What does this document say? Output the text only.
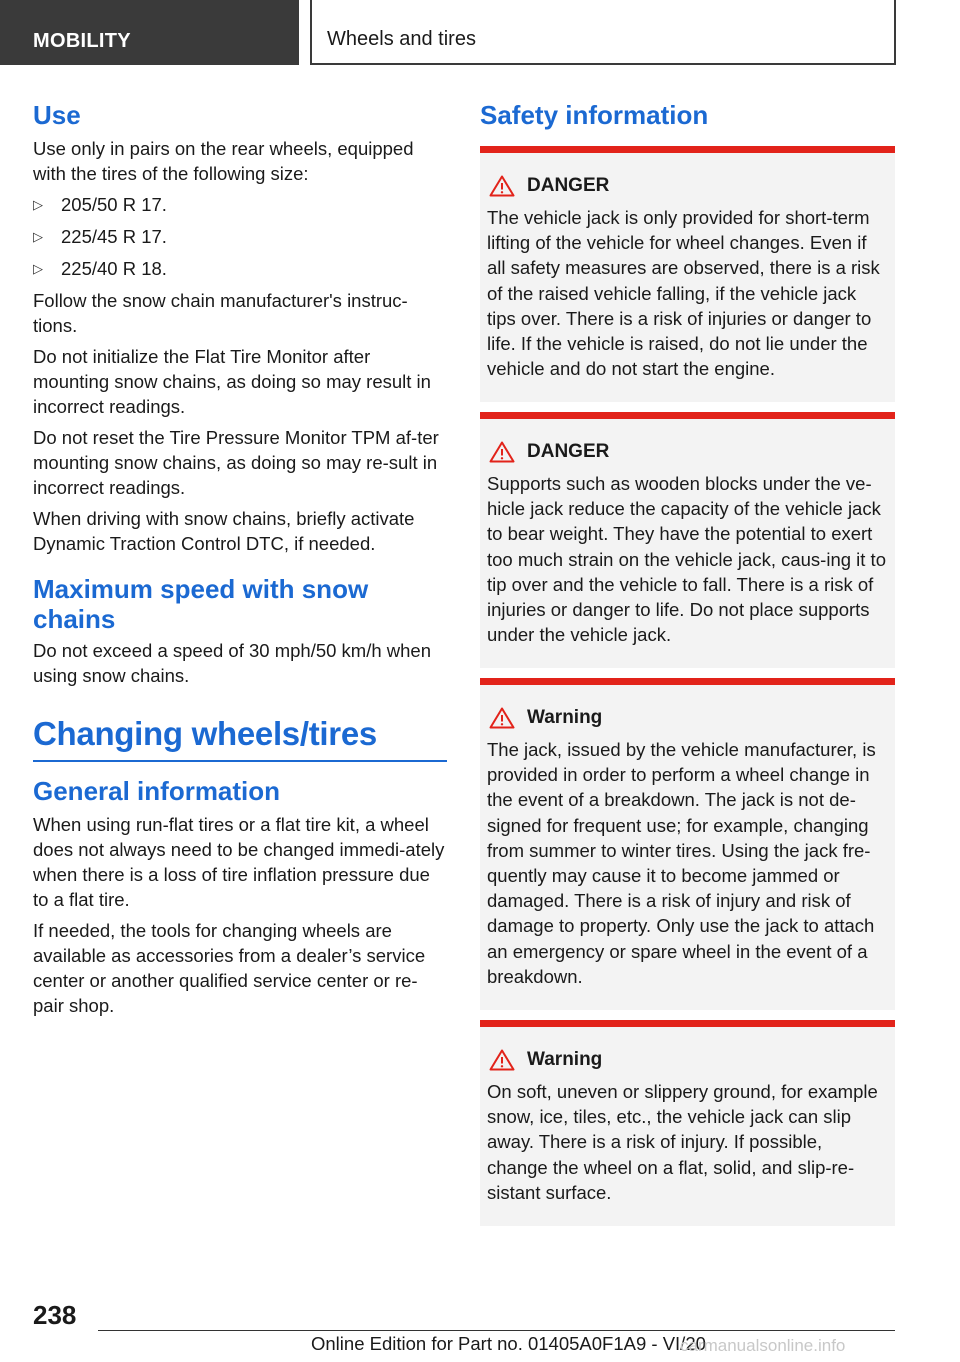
MOBILITY	Wheels and tires
Use

Use only in pairs on the rear wheels, equipped with the tires of the following size:

▷ 205/50 R 17.
▷ 225/45 R 17.
▷ 225/40 R 18.

Follow the snow chain manufacturer's instruc‐tions.

Do not initialize the Flat Tire Monitor after mounting snow chains, as doing so may result in incorrect readings.

Do not reset the Tire Pressure Monitor TPM af‐ter mounting snow chains, as doing so may re‐sult in incorrect readings.

When driving with snow chains, briefly activate Dynamic Traction Control DTC, if needed.

Maximum speed with snow chains

Do not exceed a speed of 30 mph/50 km/h when using snow chains.

Changing wheels/tires
General information

When using run-flat tires or a flat tire kit, a wheel does not always need to be changed immedi‐ately when there is a loss of tire inflation pressure due to a flat tire.

If needed, the tools for changing wheels are available as accessories from a dealer’s service center or another qualified service center or re‐pair shop.

Safety information
DANGER

The vehicle jack is only provided for short-term lifting of the vehicle for wheel changes. Even if all safety measures are observed, there is a risk of the raised vehicle falling, if the vehicle jack tips over. There is a risk of injuries or danger to life. If the vehicle is raised, do not lie under the vehicle and do not start the engine.

DANGER

Supports such as wooden blocks under the ve‐hicle jack reduce the capacity of the vehicle jack to bear weight. They have the potential to exert too much strain on the vehicle jack, caus‐ing it to tip over and the vehicle to fall. There is a risk of injuries or danger to life. Do not place supports under the vehicle jack.

Warning

The jack, issued by the vehicle manufacturer, is provided in order to perform a wheel change in the event of a breakdown. The jack is not de‐signed for frequent use; for example, changing from summer to winter tires. Using the jack fre‐quently may cause it to become jammed or damaged. There is a risk of injury and risk of damage to property. Only use the jack to attach an emergency or spare wheel in the event of a breakdown.

Warning

On soft, uneven or slippery ground, for example snow, ice, tiles, etc., the vehicle jack can slip away. There is a risk of injury. If possible, change the wheel on a flat, solid, and slip-re‐sistant surface.

238
Online Edition for Part no. 01405A0F1A9 - VI/20
carmanualsonline.info
